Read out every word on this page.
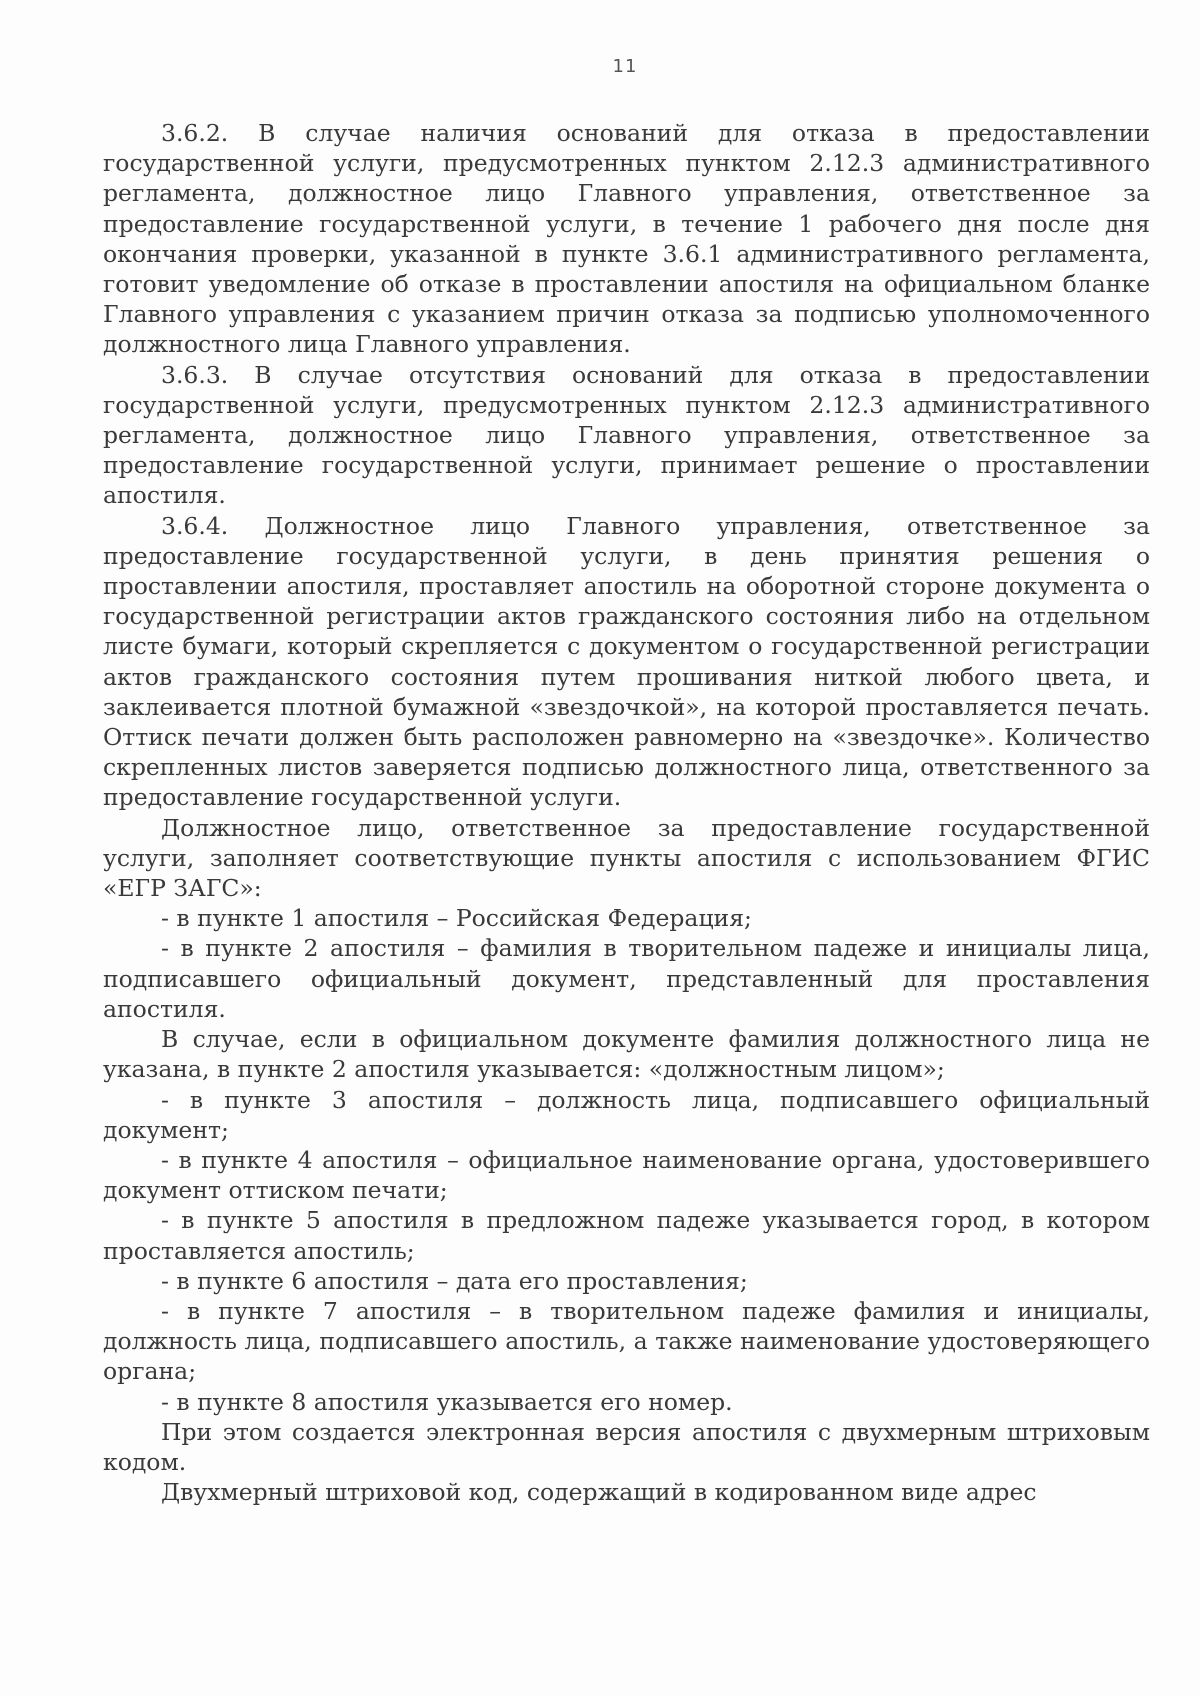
11

3.6.2. В случае наличия оснований для отказа в предоставлении государственной услуги, предусмотренных пунктом 2.12.3 административного регламента, должностное лицо Главного управления, ответственное за предоставление государственной услуги, в течение 1 рабочего дня после дня окончания проверки, указанной в пункте 3.6.1 административного регламента, готовит уведомление об отказе в проставлении апостиля на официальном бланке Главного управления с указанием причин отказа за подписью уполномоченного должностного лица Главного управления.

3.6.3. В случае отсутствия оснований для отказа в предоставлении государственной услуги, предусмотренных пунктом 2.12.3 административного регламента, должностное лицо Главного управления, ответственное за предоставление государственной услуги, принимает решение о проставлении апостиля.

3.6.4. Должностное лицо Главного управления, ответственное за предоставление государственной услуги, в день принятия решения о проставлении апостиля, проставляет апостиль на оборотной стороне документа о государственной регистрации актов гражданского состояния либо на отдельном листе бумаги, который скрепляется с документом о государственной регистрации актов гражданского состояния путем прошивания ниткой любого цвета, и заклеивается плотной бумажной «звездочкой», на которой проставляется печать. Оттиск печати должен быть расположен равномерно на «звездочке». Количество скрепленных листов заверяется подписью должностного лица, ответственного за предоставление государственной услуги.

Должностное лицо, ответственное за предоставление государственной услуги, заполняет соответствующие пункты апостиля с использованием ФГИС «ЕГР ЗАГС»:

- в пункте 1 апостиля – Российская Федерация;

- в пункте 2 апостиля – фамилия в творительном падеже и инициалы лица, подписавшего официальный документ, представленный для проставления апостиля.

В случае, если в официальном документе фамилия должностного лица не указана, в пункте 2 апостиля указывается: «должностным лицом»;

- в пункте 3 апостиля – должность лица, подписавшего официальный документ;

- в пункте 4 апостиля – официальное наименование органа, удостоверившего документ оттиском печати;

- в пункте 5 апостиля в предложном падеже указывается город, в котором проставляется апостиль;

- в пункте 6 апостиля – дата его проставления;

- в пункте 7 апостиля – в творительном падеже фамилия и инициалы, должность лица, подписавшего апостиль, а также наименование удостоверяющего органа;

- в пункте 8 апостиля указывается его номер.

При этом создается электронная версия апостиля с двухмерным штриховым кодом.

Двухмерный штриховой код, содержащий в кодированном виде адрес
